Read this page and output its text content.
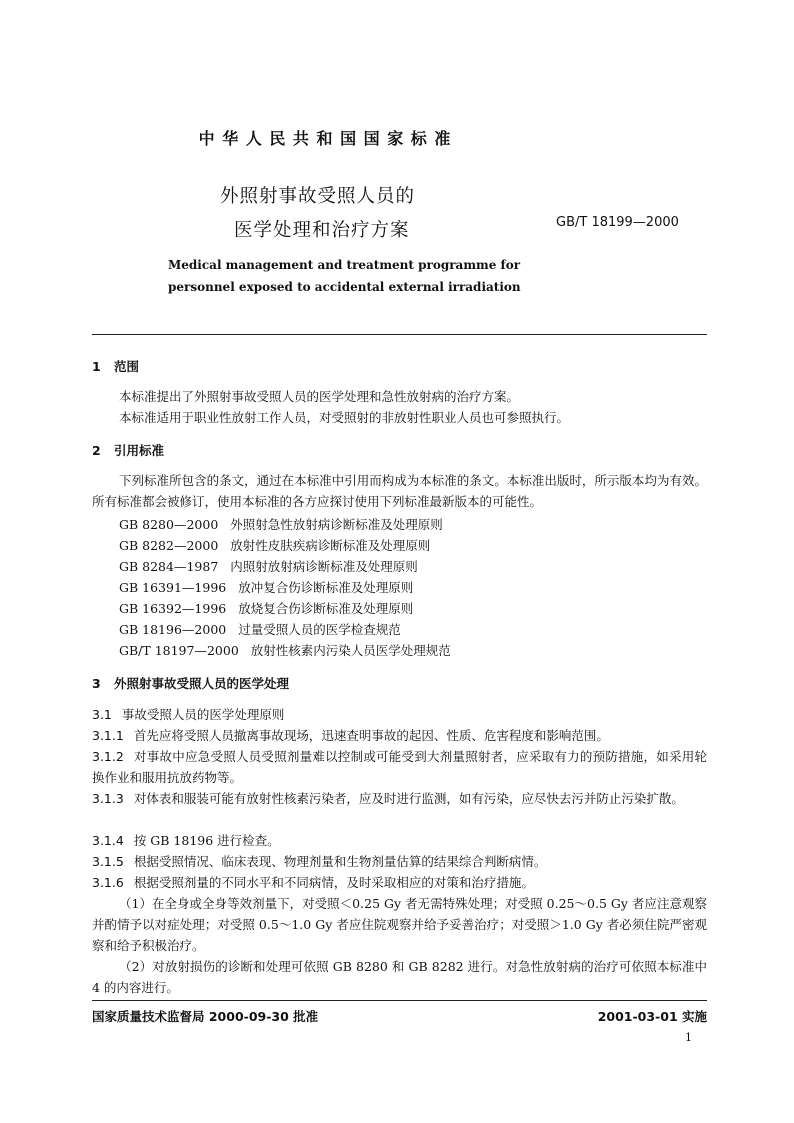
中 华 人 民 共 和 国 国 家 标 准
外照射事故受照人员的
医学处理和治疗方案	GB/T 18199—2000
Medical management and treatment programme for
personnel exposed to accidental external irradiation
1 范围
本标准提出了外照射事故受照人员的医学处理和急性放射病的治疗方案。
本标准适用于职业性放射工作人员，对受照射的非放射性职业人员也可参照执行。
2 引用标准
下列标准所包含的条文，通过在本标准中引用而构成为本标准的条文。本标准出版时，所示版本均为有效。所有标准都会被修订，使用本标准的各方应探讨使用下列标准最新版本的可能性。
GB 8280—2000 外照射急性放射病诊断标准及处理原则
GB 8282—2000 放射性皮肤疾病诊断标准及处理原则
GB 8284—1987 内照射放射病诊断标准及处理原则
GB 16391—1996 放冲复合伤诊断标准及处理原则
GB 16392—1996 放烧复合伤诊断标准及处理原则
GB 18196—2000 过量受照人员的医学检查规范
GB/T 18197—2000 放射性核素内污染人员医学处理规范
3 外照射事故受照人员的医学处理
3.1 事故受照人员的医学处理原则
3.1.1 首先应将受照人员撤离事故现场，迅速查明事故的起因、性质、危害程度和影响范围。
3.1.2 对事故中应急受照人员受照剂量难以控制或可能受到大剂量照射者，应采取有力的预防措施，如采用轮换作业和服用抗放药物等。
3.1.3 对体表和服装可能有放射性核素污染者，应及时进行监测，如有污染，应尽快去污并防止污染扩散。
3.1.4 按 GB 18196 进行检查。
3.1.5 根据受照情况、临床表现、物理剂量和生物剂量估算的结果综合判断病情。
3.1.6 根据受照剂量的不同水平和不同病情，及时采取相应的对策和治疗措施。
（1）在全身或全身等效剂量下，对受照＜0.25 Gy 者无需特殊处理；对受照 0.25～0.5 Gy 者应注意观察并酌情予以对症处理；对受照 0.5～1.0 Gy 者应住院观察并给予妥善治疗；对受照＞1.0 Gy 者必须住院严密观察和给予积极治疗。
（2）对放射损伤的诊断和处理可依照 GB 8280 和 GB 8282 进行。对急性放射病的治疗可依照本标准中 4 的内容进行。
国家质量技术监督局 2000-09-30 批准	2001-03-01 实施
1
